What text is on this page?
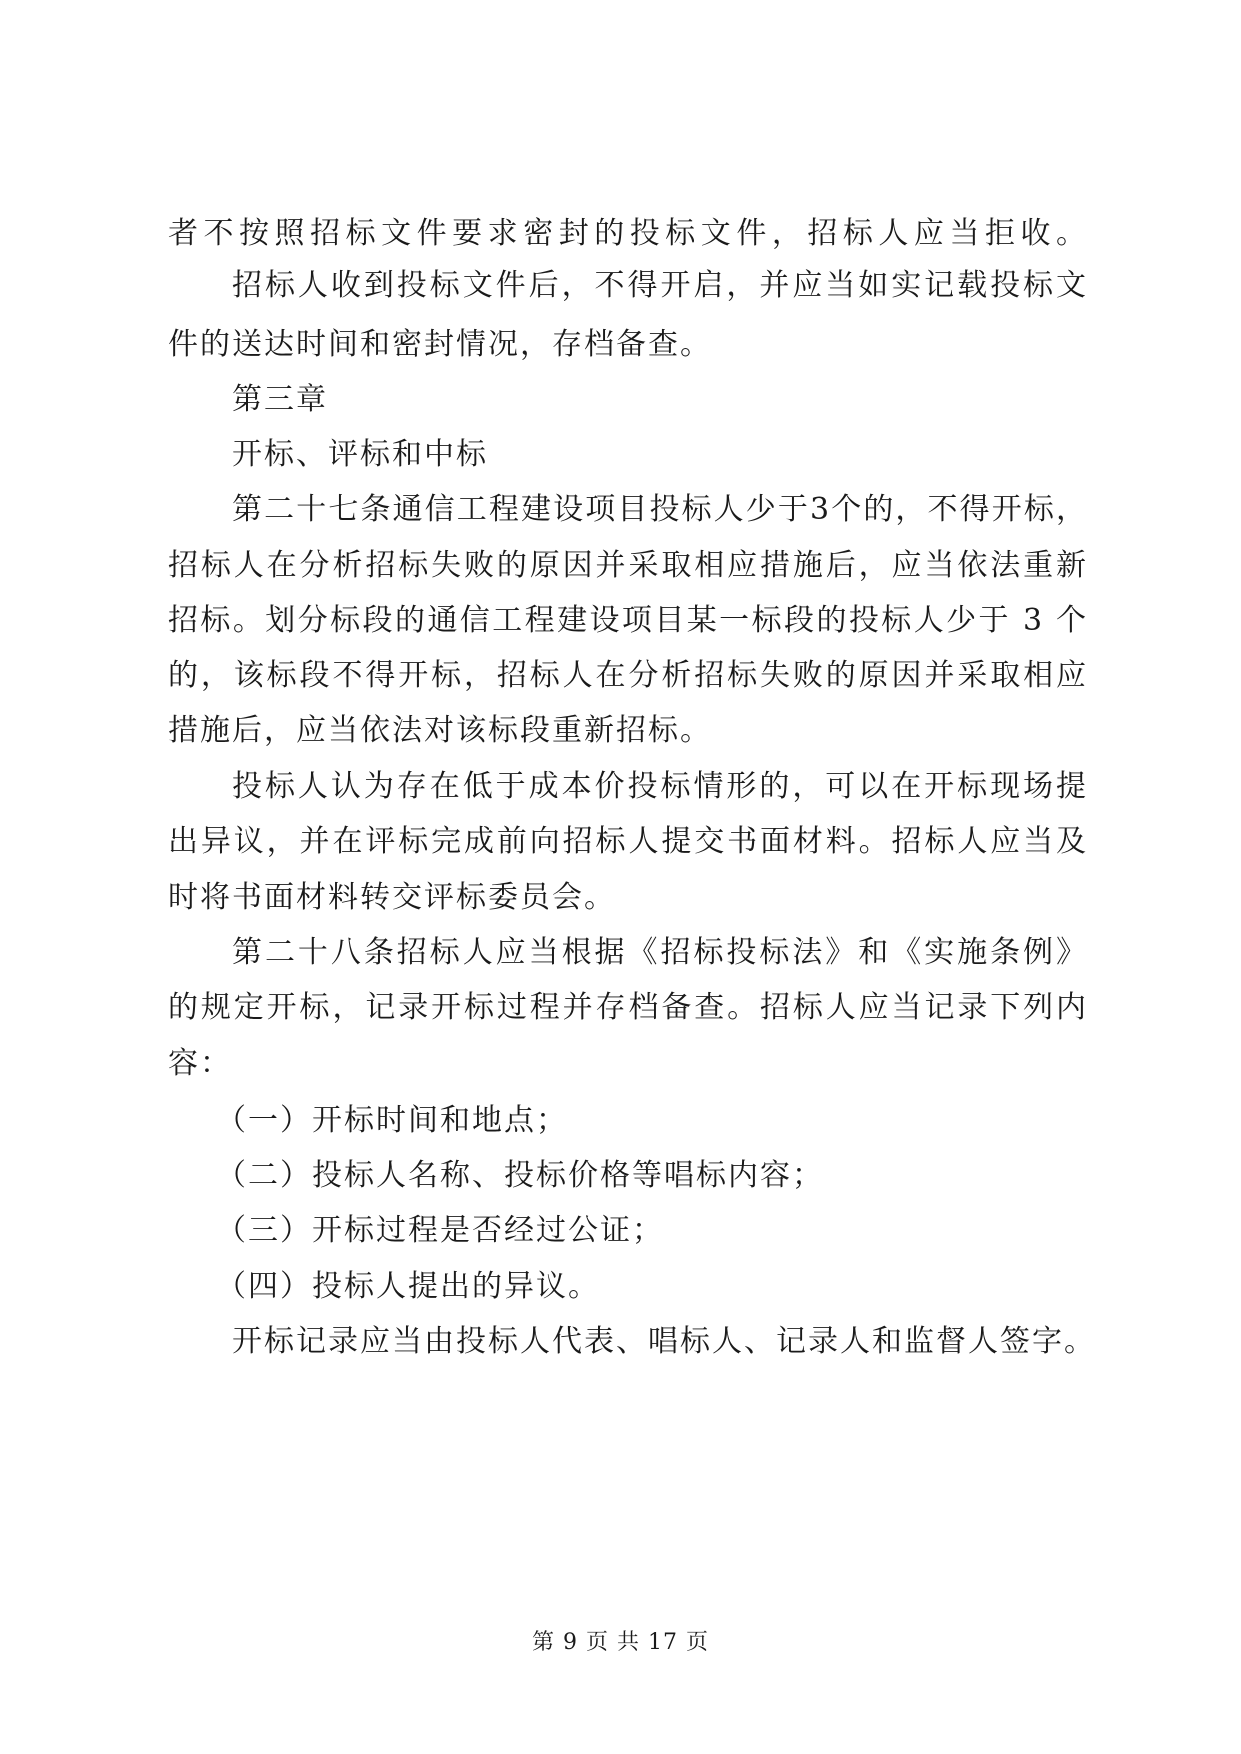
者不按照招标文件要求密封的投标文件，招标人应当拒收。
招标人收到投标文件后，不得开启，并应当如实记载投标文
件的送达时间和密封情况，存档备查。
第三章
开标、评标和中标
第二十七条通信工程建设项目投标人少于3个的，不得开标，
招标人在分析招标失败的原因并采取相应措施后，应当依法重新
招标。划分标段的通信工程建设项目某一标段的投标人少于 3 个
的，该标段不得开标，招标人在分析招标失败的原因并采取相应
措施后，应当依法对该标段重新招标。
投标人认为存在低于成本价投标情形的，可以在开标现场提
出异议，并在评标完成前向招标人提交书面材料。招标人应当及
时将书面材料转交评标委员会。
第二十八条招标人应当根据《招标投标法》和《实施条例》
的规定开标，记录开标过程并存档备查。招标人应当记录下列内
容：
（一）开标时间和地点；
（二）投标人名称、投标价格等唱标内容；
（三）开标过程是否经过公证；
（四）投标人提出的异议。
开标记录应当由投标人代表、唱标人、记录人和监督人签字。
第 9 页 共 17 页
